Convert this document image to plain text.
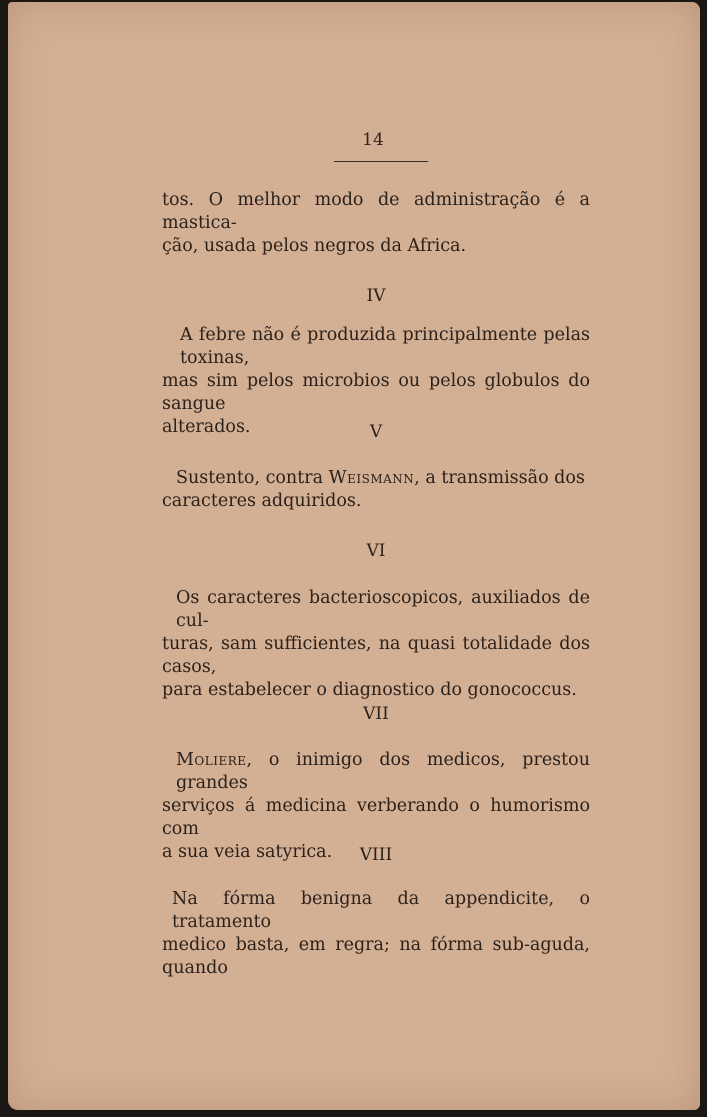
14
tos. O melhor modo de administração é a mastica-
ção, usada pelos negros da Africa.
IV
A febre não é produzida principalmente pelas toxinas,
mas sim pelos microbios ou pelos globulos do sangue
alterados.	V
Sustento, contra Weismann, a transmissão dos
caracteres adquiridos.
VI
Os caracteres bacterioscopicos, auxiliados de cul-
turas, sam sufficientes, na quasi totalidade dos casos,
para estabelecer o diagnostico do gonococcus.
VII
Moliere, o inimigo dos medicos, prestou grandes
serviços á medicina verberando o humorismo com
a sua veia satyrica.	VIII
Na fórma benigna da appendicite, o tratamento
medico basta, em regra; na fórma sub-aguda, quando
